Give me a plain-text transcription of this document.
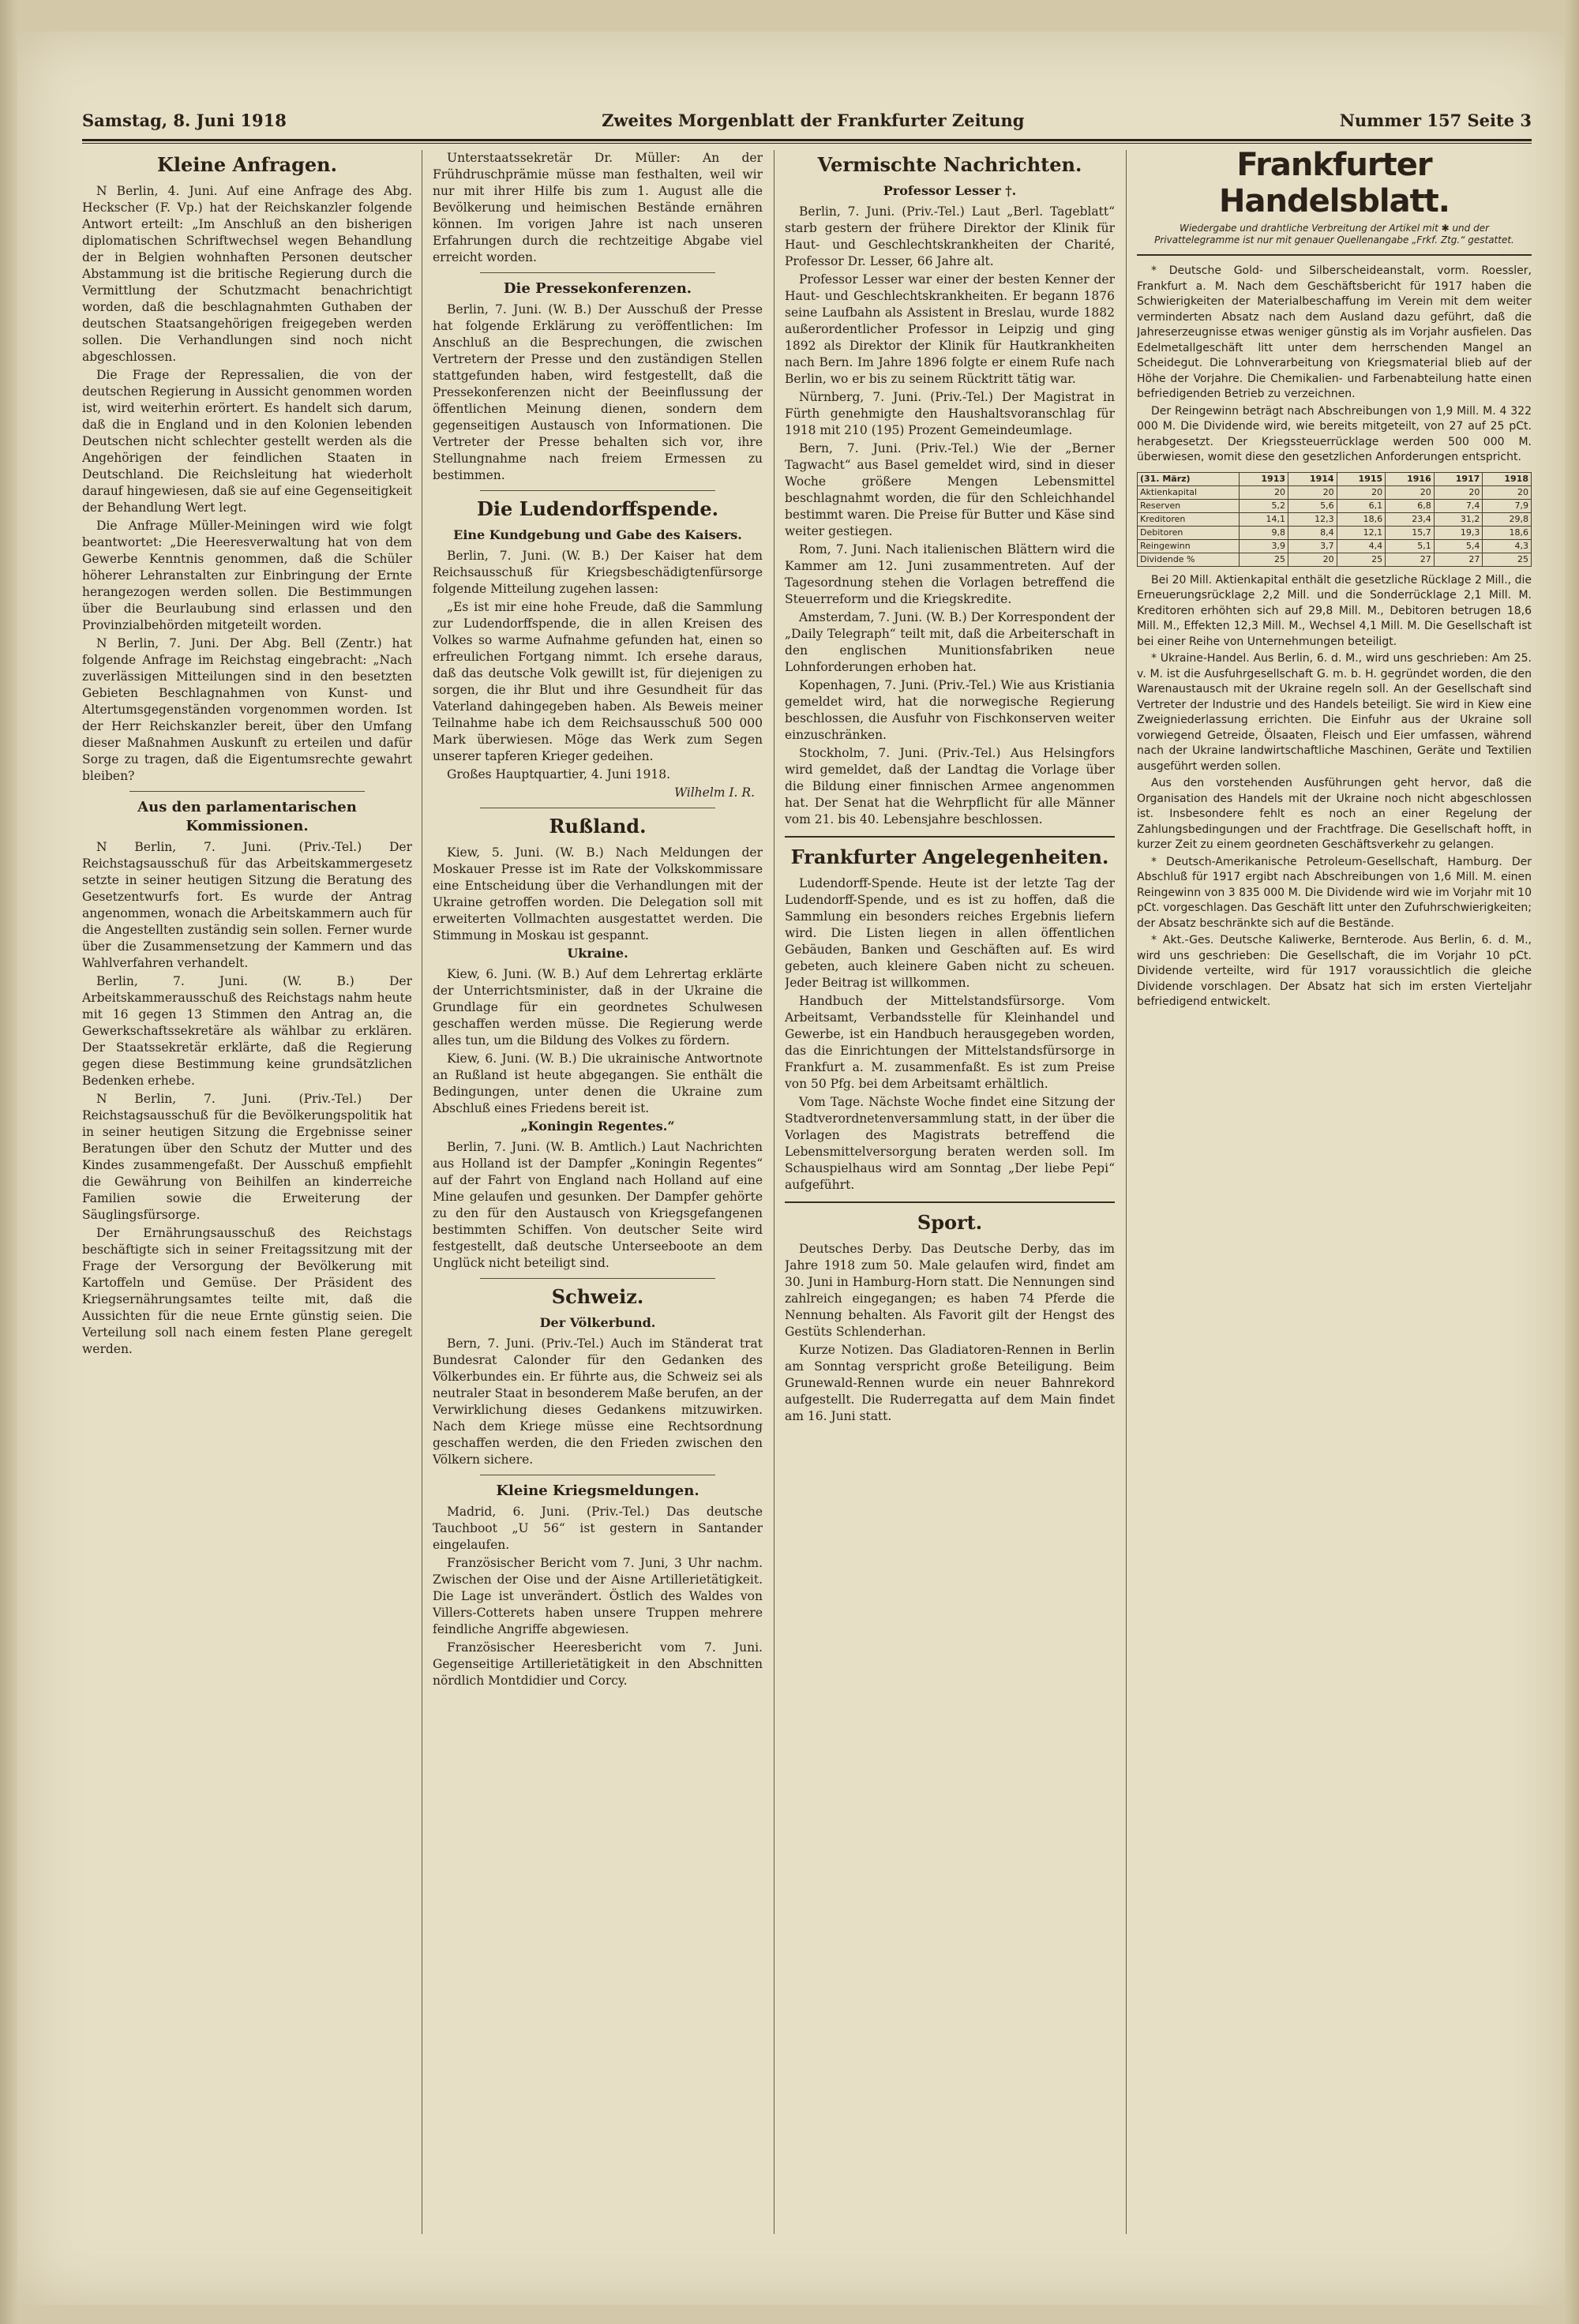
Samstag, 8. Juni 1918	Zweites Morgenblatt der Frankfurter Zeitung	Nummer 157 Seite 3
Kleine Anfragen.

N Berlin, 4. Juni. Auf eine Anfrage des Abg. Heckscher (F. Vp.) hat der Reichskanzler folgende Antwort erteilt: „Im Anschluß an den bisherigen diplomatischen Schriftwechsel wegen Behandlung der in Belgien wohnhaften Personen deutscher Abstammung ist die britische Regierung durch die Vermittlung der Schutzmacht benachrichtigt worden, daß die beschlagnahmten Guthaben der deutschen Staatsangehörigen freigegeben werden sollen. Die Verhandlungen sind noch nicht abgeschlossen.

Die Frage der Repressalien, die von der deutschen Regierung in Aussicht genommen worden ist, wird weiterhin erörtert. Es handelt sich darum, daß die in England und in den Kolonien lebenden Deutschen nicht schlechter gestellt werden als die Angehörigen der feindlichen Staaten in Deutschland. Die Reichsleitung hat wiederholt darauf hingewiesen, daß sie auf eine Gegenseitigkeit der Behandlung Wert legt.

Die Anfrage Müller-Meiningen wird wie folgt beantwortet: „Die Heeresverwaltung hat von dem Gewerbe Kenntnis genommen, daß die Schüler höherer Lehranstalten zur Einbringung der Ernte herangezogen werden sollen. Die Bestimmungen über die Beurlaubung sind erlassen und den Provinzialbehörden mitgeteilt worden.

N Berlin, 7. Juni. Der Abg. Bell (Zentr.) hat folgende Anfrage im Reichstag eingebracht: „Nach zuverlässigen Mitteilungen sind in den besetzten Gebieten Beschlagnahmen von Kunst- und Altertumsgegenständen vorgenommen worden. Ist der Herr Reichskanzler bereit, über den Umfang dieser Maßnahmen Auskunft zu erteilen und dafür Sorge zu tragen, daß die Eigentumsrechte gewahrt bleiben?

Aus den parlamentarischen Kommissionen.

N Berlin, 7. Juni. (Priv.-Tel.) Der Reichstagsausschuß für das Arbeitskammergesetz setzte in seiner heutigen Sitzung die Beratung des Gesetzentwurfs fort. Es wurde der Antrag angenommen, wonach die Arbeitskammern auch für die Angestellten zuständig sein sollen. Ferner wurde über die Zusammensetzung der Kammern und das Wahlverfahren verhandelt.

Berlin, 7. Juni. (W. B.) Der Arbeitskammerausschuß des Reichstags nahm heute mit 16 gegen 13 Stimmen den Antrag an, die Gewerkschaftssekretäre als wählbar zu erklären. Der Staatssekretär erklärte, daß die Regierung gegen diese Bestimmung keine grundsätzlichen Bedenken erhebe.

N Berlin, 7. Juni. (Priv.-Tel.) Der Reichstagsausschuß für die Bevölkerungspolitik hat in seiner heutigen Sitzung die Ergebnisse seiner Beratungen über den Schutz der Mutter und des Kindes zusammengefaßt. Der Ausschuß empfiehlt die Gewährung von Beihilfen an kinderreiche Familien sowie die Erweiterung der Säuglingsfürsorge.

Der Ernährungsausschuß des Reichstags beschäftigte sich in seiner Freitagssitzung mit der Frage der Versorgung der Bevölkerung mit Kartoffeln und Gemüse. Der Präsident des Kriegsernährungsamtes teilte mit, daß die Aussichten für die neue Ernte günstig seien. Die Verteilung soll nach einem festen Plane geregelt werden.

Unterstaatssekretär Dr. Müller: An der Frühdruschprämie müsse man festhalten, weil wir nur mit ihrer Hilfe bis zum 1. August alle die Bevölkerung und heimischen Bestände ernähren können. Im vorigen Jahre ist nach unseren Erfahrungen durch die rechtzeitige Abgabe viel erreicht worden.

Die Pressekonferenzen.

Berlin, 7. Juni. (W. B.) Der Ausschuß der Presse hat folgende Erklärung zu veröffentlichen: Im Anschluß an die Besprechungen, die zwischen Vertretern der Presse und den zuständigen Stellen stattgefunden haben, wird festgestellt, daß die Pressekonferenzen nicht der Beeinflussung der öffentlichen Meinung dienen, sondern dem gegenseitigen Austausch von Informationen. Die Vertreter der Presse behalten sich vor, ihre Stellungnahme nach freiem Ermessen zu bestimmen.

Die Ludendorffspende.
Eine Kundgebung und Gabe des Kaisers.

Berlin, 7. Juni. (W. B.) Der Kaiser hat dem Reichsausschuß für Kriegsbeschädigtenfürsorge folgende Mitteilung zugehen lassen:

„Es ist mir eine hohe Freude, daß die Sammlung zur Ludendorffspende, die in allen Kreisen des Volkes so warme Aufnahme gefunden hat, einen so erfreulichen Fortgang nimmt. Ich ersehe daraus, daß das deutsche Volk gewillt ist, für diejenigen zu sorgen, die ihr Blut und ihre Gesundheit für das Vaterland dahingegeben haben. Als Beweis meiner Teilnahme habe ich dem Reichsausschuß 500 000 Mark überwiesen. Möge das Werk zum Segen unserer tapferen Krieger gedeihen.

Großes Hauptquartier, 4. Juni 1918.

Wilhelm I. R.
Rußland.

Kiew, 5. Juni. (W. B.) Nach Meldungen der Moskauer Presse ist im Rate der Volkskommissare eine Entscheidung über die Verhandlungen mit der Ukraine getroffen worden. Die Delegation soll mit erweiterten Vollmachten ausgestattet werden. Die Stimmung in Moskau ist gespannt.

Ukraine.

Kiew, 6. Juni. (W. B.) Auf dem Lehrertag erklärte der Unterrichtsminister, daß in der Ukraine die Grundlage für ein geordnetes Schulwesen geschaffen werden müsse. Die Regierung werde alles tun, um die Bildung des Volkes zu fördern.

Kiew, 6. Juni. (W. B.) Die ukrainische Antwortnote an Rußland ist heute abgegangen. Sie enthält die Bedingungen, unter denen die Ukraine zum Abschluß eines Friedens bereit ist.

„Koningin Regentes.“

Berlin, 7. Juni. (W. B. Amtlich.) Laut Nachrichten aus Holland ist der Dampfer „Koningin Regentes“ auf der Fahrt von England nach Holland auf eine Mine gelaufen und gesunken. Der Dampfer gehörte zu den für den Austausch von Kriegsgefangenen bestimmten Schiffen. Von deutscher Seite wird festgestellt, daß deutsche Unterseeboote an dem Unglück nicht beteiligt sind.

Schweiz.
Der Völkerbund.

Bern, 7. Juni. (Priv.-Tel.) Auch im Ständerat trat Bundesrat Calonder für den Gedanken des Völkerbundes ein. Er führte aus, die Schweiz sei als neutraler Staat in besonderem Maße berufen, an der Verwirklichung dieses Gedankens mitzuwirken. Nach dem Kriege müsse eine Rechtsordnung geschaffen werden, die den Frieden zwischen den Völkern sichere.

Kleine Kriegsmeldungen.

Madrid, 6. Juni. (Priv.-Tel.) Das deutsche Tauchboot „U 56“ ist gestern in Santander eingelaufen.

Französischer Bericht vom 7. Juni, 3 Uhr nachm. Zwischen der Oise und der Aisne Artillerietätigkeit. Die Lage ist unverändert. Östlich des Waldes von Villers-Cotterets haben unsere Truppen mehrere feindliche Angriffe abgewiesen.

Französischer Heeresbericht vom 7. Juni. Gegenseitige Artillerietätigkeit in den Abschnitten nördlich Montdidier und Corcy.

Vermischte Nachrichten.
Professor Lesser †.

Berlin, 7. Juni. (Priv.-Tel.) Laut „Berl. Tageblatt“ starb gestern der frühere Direktor der Klinik für Haut- und Geschlechtskrankheiten der Charité, Professor Dr. Lesser, 66 Jahre alt.

Professor Lesser war einer der besten Kenner der Haut- und Geschlechtskrankheiten. Er begann 1876 seine Laufbahn als Assistent in Breslau, wurde 1882 außerordentlicher Professor in Leipzig und ging 1892 als Direktor der Klinik für Hautkrankheiten nach Bern. Im Jahre 1896 folgte er einem Rufe nach Berlin, wo er bis zu seinem Rücktritt tätig war.

Nürnberg, 7. Juni. (Priv.-Tel.) Der Magistrat in Fürth genehmigte den Haushaltsvoranschlag für 1918 mit 210 (195) Prozent Gemeindeumlage.

Bern, 7. Juni. (Priv.-Tel.) Wie der „Berner Tagwacht“ aus Basel gemeldet wird, sind in dieser Woche größere Mengen Lebensmittel beschlagnahmt worden, die für den Schleichhandel bestimmt waren. Die Preise für Butter und Käse sind weiter gestiegen.

Rom, 7. Juni. Nach italienischen Blättern wird die Kammer am 12. Juni zusammentreten. Auf der Tagesordnung stehen die Vorlagen betreffend die Steuerreform und die Kriegskredite.

Amsterdam, 7. Juni. (W. B.) Der Korrespondent der „Daily Telegraph“ teilt mit, daß die Arbeiterschaft in den englischen Munitionsfabriken neue Lohnforderungen erhoben hat.

Kopenhagen, 7. Juni. (Priv.-Tel.) Wie aus Kristiania gemeldet wird, hat die norwegische Regierung beschlossen, die Ausfuhr von Fischkonserven weiter einzuschränken.

Stockholm, 7. Juni. (Priv.-Tel.) Aus Helsingfors wird gemeldet, daß der Landtag die Vorlage über die Bildung einer finnischen Armee angenommen hat. Der Senat hat die Wehrpflicht für alle Männer vom 21. bis 40. Lebensjahre beschlossen.

Frankfurter Angelegenheiten.

Ludendorff-Spende. Heute ist der letzte Tag der Ludendorff-Spende, und es ist zu hoffen, daß die Sammlung ein besonders reiches Ergebnis liefern wird. Die Listen liegen in allen öffentlichen Gebäuden, Banken und Geschäften auf. Es wird gebeten, auch kleinere Gaben nicht zu scheuen. Jeder Beitrag ist willkommen.

Handbuch der Mittelstandsfürsorge. Vom Arbeitsamt, Verbandsstelle für Kleinhandel und Gewerbe, ist ein Handbuch herausgegeben worden, das die Einrichtungen der Mittelstandsfürsorge in Frankfurt a. M. zusammenfaßt. Es ist zum Preise von 50 Pfg. bei dem Arbeitsamt erhältlich.

Vom Tage. Nächste Woche findet eine Sitzung der Stadtverordnetenversammlung statt, in der über die Vorlagen des Magistrats betreffend die Lebensmittelversorgung beraten werden soll. Im Schauspielhaus wird am Sonntag „Der liebe Pepi“ aufgeführt.

Sport.

Deutsches Derby. Das Deutsche Derby, das im Jahre 1918 zum 50. Male gelaufen wird, findet am 30. Juni in Hamburg-Horn statt. Die Nennungen sind zahlreich eingegangen; es haben 74 Pferde die Nennung behalten. Als Favorit gilt der Hengst des Gestüts Schlenderhan.

Kurze Notizen. Das Gladiatoren-Rennen in Berlin am Sonntag verspricht große Beteiligung. Beim Grunewald-Rennen wurde ein neuer Bahnrekord aufgestellt. Die Ruderregatta auf dem Main findet am 16. Juni statt.

Frankfurter Handelsblatt.
Wiedergabe und drahtliche Verbreitung der Artikel mit ✱ und der Privattelegramme ist nur mit genauer Quellenangabe „Frkf. Ztg.“ gestattet.

* Deutsche Gold- und Silberscheideanstalt, vorm. Roessler, Frankfurt a. M. Nach dem Geschäftsbericht für 1917 haben die Schwierigkeiten der Materialbeschaffung im Verein mit dem weiter verminderten Absatz nach dem Ausland dazu geführt, daß die Jahreserzeugnisse etwas weniger günstig als im Vorjahr ausfielen. Das Edelmetallgeschäft litt unter dem herrschenden Mangel an Scheidegut. Die Lohnverarbeitung von Kriegsmaterial blieb auf der Höhe der Vorjahre. Die Chemikalien- und Farbenabteilung hatte einen befriedigenden Betrieb zu verzeichnen.

Der Reingewinn beträgt nach Abschreibungen von 1,9 Mill. M. 4 322 000 M. Die Dividende wird, wie bereits mitgeteilt, von 27 auf 25 pCt. herabgesetzt. Der Kriegssteuerrücklage werden 500 000 M. überwiesen, womit diese den gesetzlichen Anforderungen entspricht.

(31. März)	1913	1914	1915	1916	1917	1918
Aktienkapital	20	20	20	20	20	20
Reserven	5,2	5,6	6,1	6,8	7,4	7,9
Kreditoren	14,1	12,3	18,6	23,4	31,2	29,8
Debitoren	9,8	8,4	12,1	15,7	19,3	18,6
Reingewinn	3,9	3,7	4,4	5,1	5,4	4,3
Dividende %	25	20	25	27	27	25

Bei 20 Mill. Aktienkapital enthält die gesetzliche Rücklage 2 Mill., die Erneuerungsrücklage 2,2 Mill. und die Sonderrücklage 2,1 Mill. M. Kreditoren erhöhten sich auf 29,8 Mill. M., Debitoren betrugen 18,6 Mill. M., Effekten 12,3 Mill. M., Wechsel 4,1 Mill. M. Die Gesellschaft ist bei einer Reihe von Unternehmungen beteiligt.

* Ukraine-Handel. Aus Berlin, 6. d. M., wird uns geschrieben: Am 25. v. M. ist die Ausfuhrgesellschaft G. m. b. H. gegründet worden, die den Warenaustausch mit der Ukraine regeln soll. An der Gesellschaft sind Vertreter der Industrie und des Handels beteiligt. Sie wird in Kiew eine Zweigniederlassung errichten. Die Einfuhr aus der Ukraine soll vorwiegend Getreide, Ölsaaten, Fleisch und Eier umfassen, während nach der Ukraine landwirtschaftliche Maschinen, Geräte und Textilien ausgeführt werden sollen.

Aus den vorstehenden Ausführungen geht hervor, daß die Organisation des Handels mit der Ukraine noch nicht abgeschlossen ist. Insbesondere fehlt es noch an einer Regelung der Zahlungsbedingungen und der Frachtfrage. Die Gesellschaft hofft, in kurzer Zeit zu einem geordneten Geschäftsverkehr zu gelangen.

* Deutsch-Amerikanische Petroleum-Gesellschaft, Hamburg. Der Abschluß für 1917 ergibt nach Abschreibungen von 1,6 Mill. M. einen Reingewinn von 3 835 000 M. Die Dividende wird wie im Vorjahr mit 10 pCt. vorgeschlagen. Das Geschäft litt unter den Zufuhrschwierigkeiten; der Absatz beschränkte sich auf die Bestände.

* Akt.-Ges. Deutsche Kaliwerke, Bernterode. Aus Berlin, 6. d. M., wird uns geschrieben: Die Gesellschaft, die im Vorjahr 10 pCt. Dividende verteilte, wird für 1917 voraussichtlich die gleiche Dividende vorschlagen. Der Absatz hat sich im ersten Vierteljahr befriedigend entwickelt.
